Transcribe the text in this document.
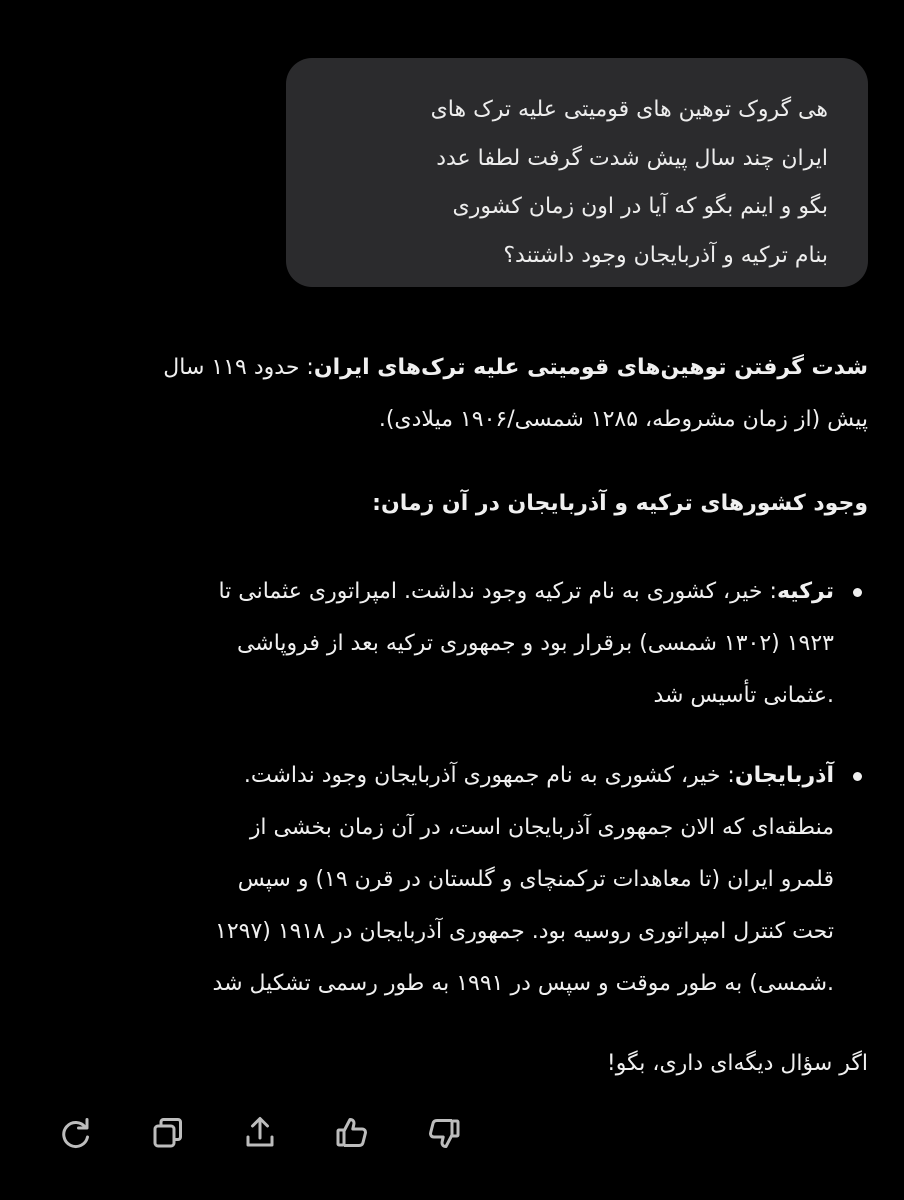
هی گروک توهین های قومیتی علیه ترک های
ایران چند سال پیش شدت گرفت لطفا عدد
بگو و اینم بگو که آیا در اون زمان کشوری
بنام ترکیه و آذربایجان وجود داشتند؟
شدت گرفتن توهین‌های قومیتی علیه ترک‌های ایران: حدود ۱۱۹ سال
پیش (از زمان مشروطه، ۱۲۸۵ شمسی/۱۹۰۶ میلادی).
وجود کشورهای ترکیه و آذربایجان در آن زمان:
ترکیه: خیر، کشوری به نام ترکیه وجود نداشت. امپراتوری عثمانی تا
۱۹۲۳ (۱۳۰۲ شمسی) برقرار بود و جمهوری ترکیه بعد از فروپاشی
.عثمانی تأسیس شد
آذربایجان: خیر، کشوری به نام جمهوری آذربایجان وجود نداشت.
منطقه‌ای که الان جمهوری آذربایجان است، در آن زمان بخشی از
قلمرو ایران (تا معاهدات ترکمنچای و گلستان در قرن ۱۹) و سپس
تحت کنترل امپراتوری روسیه بود. جمهوری آذربایجان در ۱۹۱۸ (۱۲۹۷
.شمسی) به طور موقت و سپس در ۱۹۹۱ به طور رسمی تشکیل شد
اگر سؤال دیگه‌ای داری، بگو!
